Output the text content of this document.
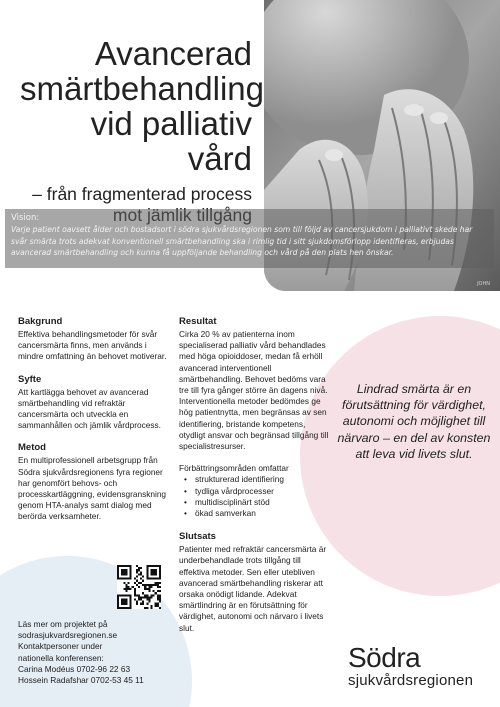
JOHN
Avancerad smärtbehandling vid palliativ vård
– från fragmenterad process
Vision:
Varje patient oavsett ålder och bostadsort i södra sjukvårdsregionen som till följd av cancersjukdom i palliativt skede har svår smärta trots adekvat konventionell smärtbehandling ska i rimlig tid i sitt sjukdomsförlopp identifieras, erbjudas avancerad smärtbehandling och kunna få uppföljande behandling och vård på den plats hen önskar.
Bakgrund
Effektiva behandlingsmetoder för svår cancersmärta finns, men används i mindre omfattning än behovet motiverar.
Syfte
Att kartlägga behovet av avancerad smärtbehandling vid refraktär cancersmärta och utveckla en sammanhållen och jämlik vårdprocess.
Metod
En multiprofessionell arbetsgrupp från Södra sjukvårdsregionens fyra regioner har genomfört behovs- och processkartläggning, evidensgranskning genom HTA-analys samt dialog med berörda verksamheter.
Resultat
Cirka 20 % av patienterna inom specialiserad palliativ vård behandlades med höga opioiddoser, medan få erhöll avancerad interventionell smärtbehandling. Behovet bedöms vara tre till fyra gånger större än dagens nivå. Interventionella metoder bedömdes ge hög patientnytta, men begränsas av sen identifiering, bristande kompetens, otydligt ansvar och begränsad tillgång till specialistresurser.
Förbättringsområden omfattar
• strukturerad identifiering
• tydliga vårdprocesser
• multidisciplinärt stöd
• ökad samverkan
Slutsats
Patienter med refraktär cancersmärta är underbehandlade trots tillgång till effektiva metoder. Sen eller utebliven avancerad smärtbehandling riskerar att orsaka onödigt lidande. Adekvat smärtlindring är en förutsättning för värdighet, autonomi och närvaro i livets slut.
Lindrad smärta är en förutsättning för värdighet, autonomi och möjlighet till närvaro – en del av konsten att leva vid livets slut.
Läs mer om projektet på
sodrasjukvardsregionen.se
Kontaktpersoner under
nationella konferensen:
Carina Modéus 0702-96 22 63
Hossein Radafshar 0702-53 45 11
Södra
sjukvårdsregionen
